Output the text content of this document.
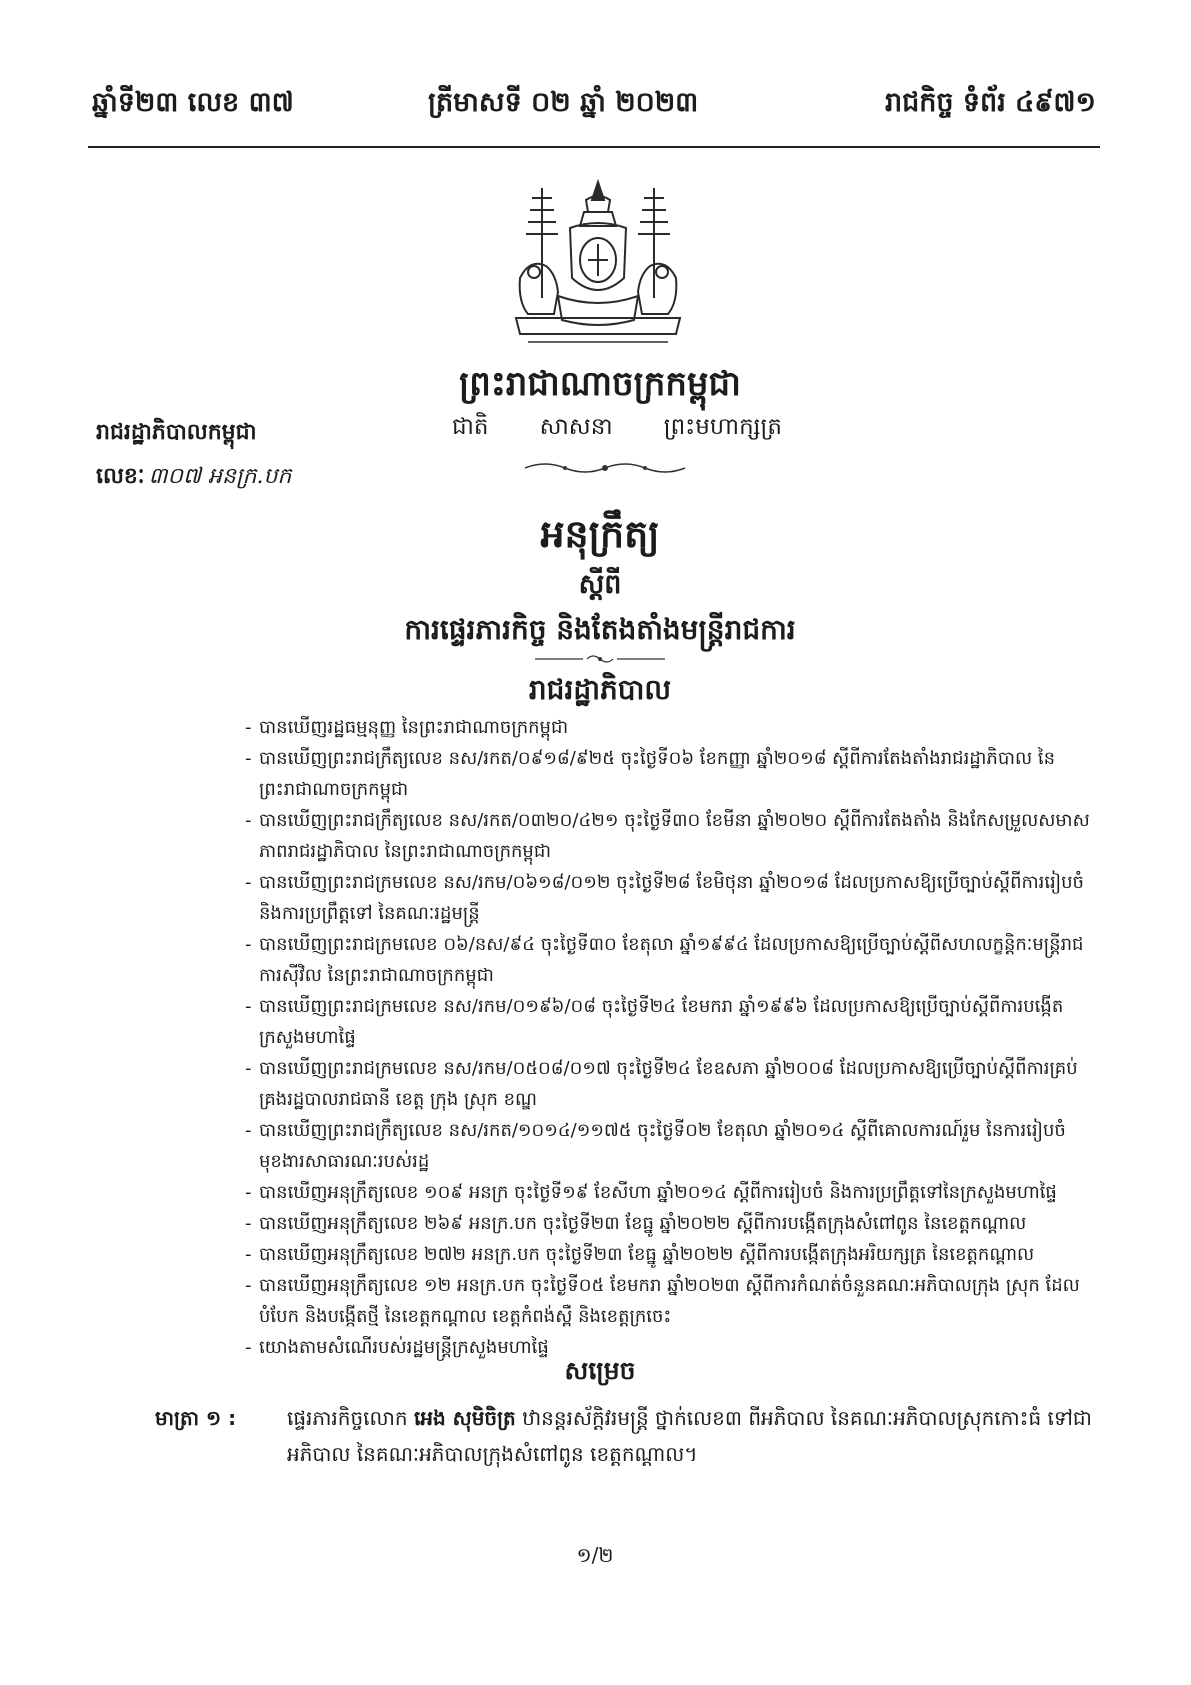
ឆ្នាំទី២៣ លេខ ៣៧	ត្រីមាសទី ០២ ឆ្នាំ ២០២៣	រាជកិច្ច ទំព័រ ៤៩៧១
ព្រះរាជាណាចក្រកម្ពុជា
ជាតិ សាសនា ព្រះមហាក្សត្រ
រាជរដ្ឋាភិបាលកម្ពុជា
លេខៈ ៣០៧ អនក្រ.បក
អនុក្រឹត្យ
ស្តីពី
ការផ្ទេរភារកិច្ច និងតែងតាំងមន្ត្រីរាជការ
រាជរដ្ឋាភិបាល
- បានឃើញរដ្ឋធម្មនុញ្ញ នៃព្រះរាជាណាចក្រកម្ពុជា
- បានឃើញព្រះរាជក្រឹត្យលេខ នស/រកត/០៩១៨/៩២៥ ចុះថ្ងៃទី០៦ ខែកញ្ញា ឆ្នាំ២០១៨ ស្តីពីការតែងតាំងរាជរដ្ឋាភិបាល នៃព្រះរាជាណាចក្រកម្ពុជា
- បានឃើញព្រះរាជក្រឹត្យលេខ នស/រកត/០៣២០/៤២១ ចុះថ្ងៃទី៣០ ខែមីនា ឆ្នាំ២០២០ ស្តីពីការតែងតាំង និងកែសម្រួលសមាសភាពរាជរដ្ឋាភិបាល នៃព្រះរាជាណាចក្រកម្ពុជា
- បានឃើញព្រះរាជក្រមលេខ នស/រកម/០៦១៨/០១២ ចុះថ្ងៃទី២៨ ខែមិថុនា ឆ្នាំ២០១៨ ដែលប្រកាសឱ្យប្រើច្បាប់ស្តីពីការរៀបចំ និងការប្រព្រឹត្តទៅ នៃគណៈរដ្ឋមន្ត្រី
- បានឃើញព្រះរាជក្រមលេខ ០៦/នស/៩៤ ចុះថ្ងៃទី៣០ ខែតុលា ឆ្នាំ១៩៩៤ ដែលប្រកាសឱ្យប្រើច្បាប់ស្តីពីសហលក្ខន្តិកៈមន្ត្រីរាជការស៊ីវិល នៃព្រះរាជាណាចក្រកម្ពុជា
- បានឃើញព្រះរាជក្រមលេខ នស/រកម/០១៩៦/០៨ ចុះថ្ងៃទី២៤ ខែមករា ឆ្នាំ១៩៩៦ ដែលប្រកាសឱ្យប្រើច្បាប់ស្តីពីការបង្កើតក្រសួងមហាផ្ទៃ
- បានឃើញព្រះរាជក្រមលេខ នស/រកម/០៥០៨/០១៧ ចុះថ្ងៃទី២៤ ខែឧសភា ឆ្នាំ២០០៨ ដែលប្រកាសឱ្យប្រើច្បាប់ស្តីពីការគ្រប់គ្រងរដ្ឋបាលរាជធានី ខេត្ត ក្រុង ស្រុក ខណ្ឌ
- បានឃើញព្រះរាជក្រឹត្យលេខ នស/រកត/១០១៤/១១៧៥ ចុះថ្ងៃទី០២ ខែតុលា ឆ្នាំ២០១៤ ស្តីពីគោលការណ៍រួម នៃការរៀបចំមុខងារសាធារណៈរបស់រដ្ឋ
- បានឃើញអនុក្រឹត្យលេខ ១០៩ អនក្រ ចុះថ្ងៃទី១៩ ខែសីហា ឆ្នាំ២០១៤ ស្តីពីការរៀបចំ និងការប្រព្រឹត្តទៅនៃក្រសួងមហាផ្ទៃ
- បានឃើញអនុក្រឹត្យលេខ ២៦៩ អនក្រ.បក ចុះថ្ងៃទី២៣ ខែធ្នូ ឆ្នាំ២០២២ ស្តីពីការបង្កើតក្រុងសំពៅពូន នៃខេត្តកណ្តាល
- បានឃើញអនុក្រឹត្យលេខ ២៧២ អនក្រ.បក ចុះថ្ងៃទី២៣ ខែធ្នូ ឆ្នាំ២០២២ ស្តីពីការបង្កើតក្រុងអរិយក្សត្រ នៃខេត្តកណ្តាល
- បានឃើញអនុក្រឹត្យលេខ ១២ អនក្រ.បក ចុះថ្ងៃទី០៥ ខែមករា ឆ្នាំ២០២៣ ស្តីពីការកំណត់ចំនួនគណៈអភិបាលក្រុង ស្រុក ដែលបំបែក និងបង្កើតថ្មី នៃខេត្តកណ្តាល ខេត្តកំពង់ស្ពឺ និងខេត្តក្រចេះ
- យោងតាមសំណើរបស់រដ្ឋមន្ត្រីក្រសួងមហាផ្ទៃ
សម្រេច
មាត្រា ១ :	ផ្ទេរភារកិច្ចលោក អេង សុមិចិត្រ ឋានន្តរស័ក្តិវរមន្ត្រី ថ្នាក់លេខ៣ ពីអភិបាល នៃគណៈអភិបាលស្រុកកោះធំ ទៅជាអភិបាល នៃគណៈអភិបាលក្រុងសំពៅពូន ខេត្តកណ្តាល។
១/២
